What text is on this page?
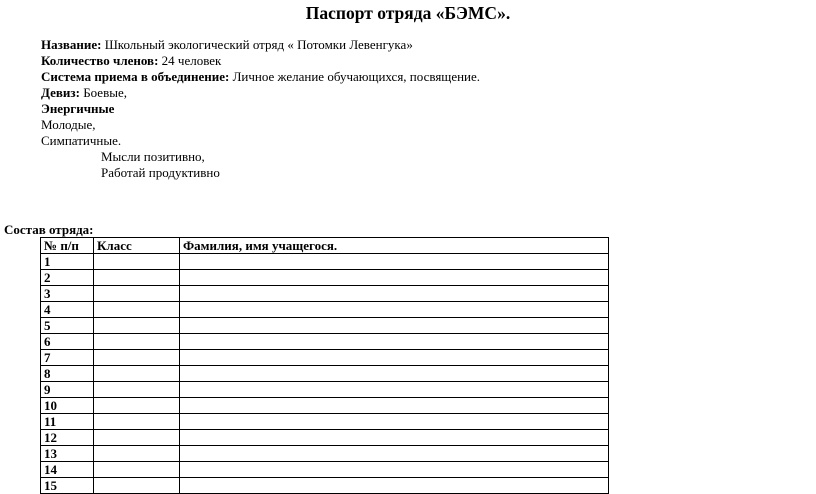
Паспорт отряда «БЭМС».
Название: Школьный экологический отряд « Потомки Левенгука»
Количество членов: 24 человек
Система приема в объединение: Личное желание обучающихся, посвящение.
Девиз: Боевые,
Энергичные
Молодые,
Симпатичные.
Мысли позитивно,
Работай продуктивно
Состав отряда:
№ п/п	Класс	Фамилия, имя учащегося.
1		
2		
3		
4		
5		
6		
7		
8		
9		
10		
11		
12		
13		
14		
15		
